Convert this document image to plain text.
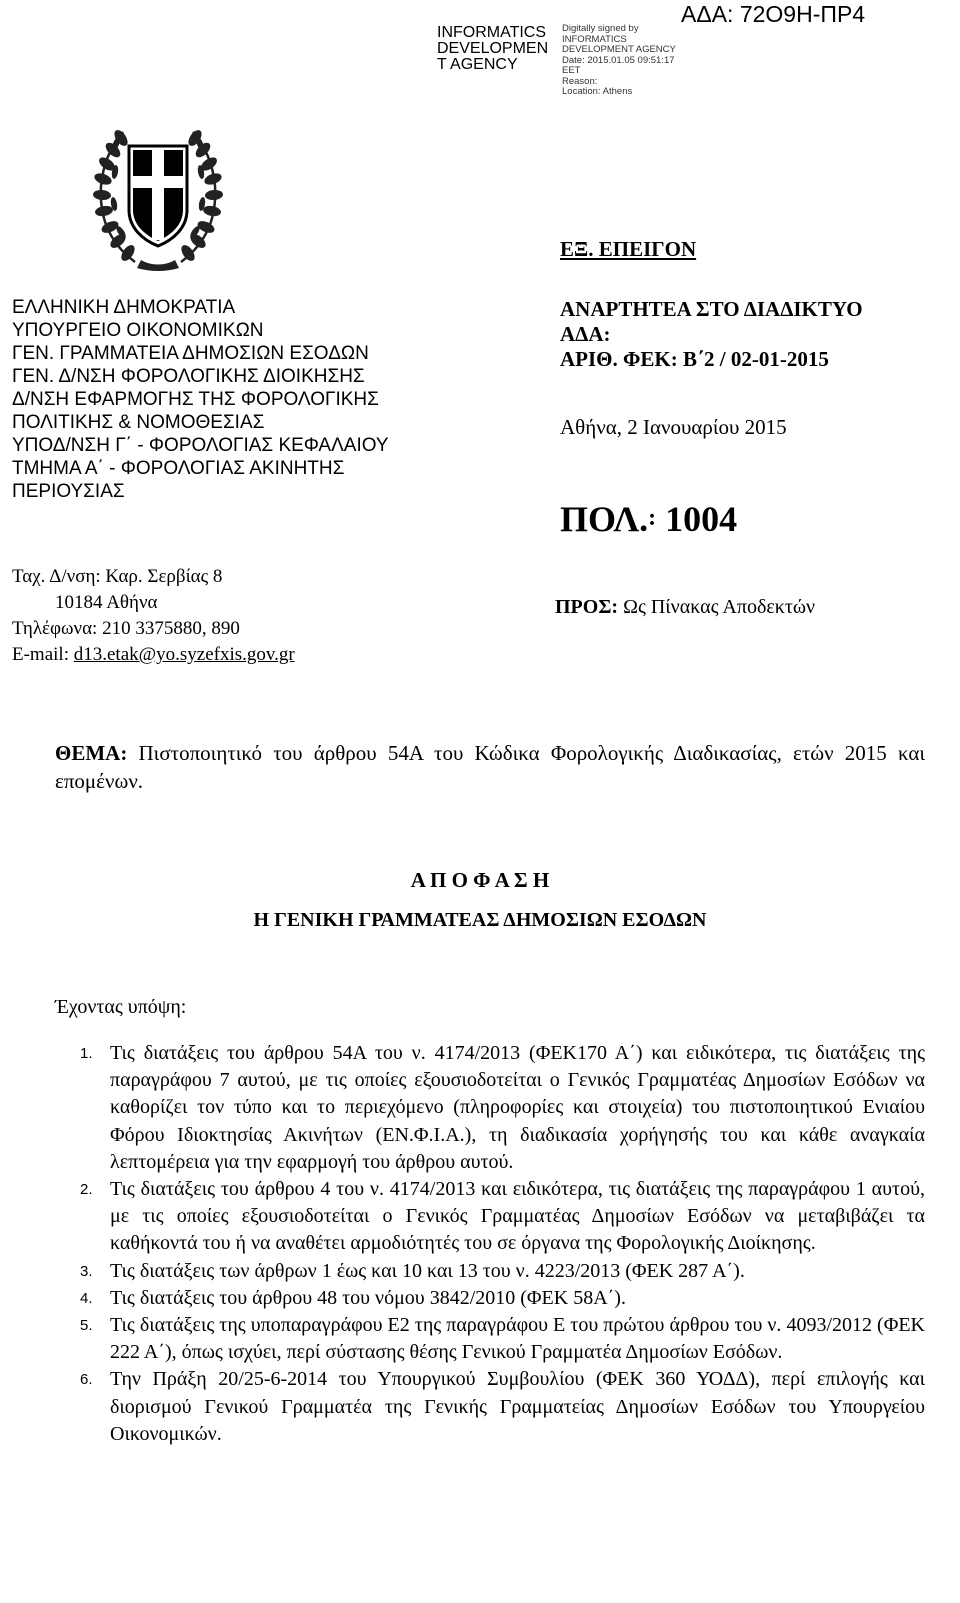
INFORMATICS
DEVELOPMEN
T AGENCY
Digitally signed by
INFORMATICS
DEVELOPMENT AGENCY
Date: 2015.01.05 09:51:17
EET
Reason:
Location: Athens
ΑΔΑ: 72Ο9Η-ΠΡ4
ΕΞ. ΕΠΕΙΓΟΝ
ΕΛΛΗΝΙΚΗ ΔΗΜΟΚΡΑΤΙΑ
ΥΠΟΥΡΓΕΙΟ ΟΙΚΟΝΟΜΙΚΩΝ
ΓΕΝ. ΓΡΑΜΜΑΤΕΙΑ ΔΗΜΟΣΙΩΝ ΕΣΟΔΩΝ
ΓΕΝ. Δ/ΝΣΗ ΦΟΡΟΛΟΓΙΚΗΣ ΔΙΟΙΚΗΣΗΣ
Δ/ΝΣΗ ΕΦΑΡΜΟΓΗΣ ΤΗΣ ΦΟΡΟΛΟΓΙΚΗΣ
ΠΟΛΙΤΙΚΗΣ & ΝΟΜΟΘΕΣΙΑΣ
ΥΠΟΔ/ΝΣΗ Γ΄ - ΦΟΡΟΛΟΓΙΑΣ ΚΕΦΑΛΑΙΟΥ
ΤΜΗΜΑ Α΄ - ΦΟΡΟΛΟΓΙΑΣ ΑΚΙΝΗΤΗΣ
ΠΕΡΙΟΥΣΙΑΣ
ΑΝΑΡΤΗΤΕΑ ΣΤΟ ΔΙΑΔΙΚΤΥΟ
ΑΔΑ:
ΑΡΙΘ. ΦΕΚ: Β΄2 / 02-01-2015
Αθήνα, 2 Ιανουαρίου 2015
ΠΟΛ.: 1004
Ταχ. Δ/νση: Καρ. Σερβίας 8
10184 Αθήνα
Τηλέφωνα: 210 3375880, 890
E-mail: d13.etak@yo.syzefxis.gov.gr
ΠΡΟΣ: Ως Πίνακας Αποδεκτών
ΘΕΜΑ: Πιστοποιητικό του άρθρου 54Α του Κώδικα Φορολογικής Διαδικασίας, ετών 2015 και επομένων.
Α Π Ο Φ Α Σ Η
Η ΓΕΝΙΚΗ ΓΡΑΜΜΑΤΕΑΣ ΔΗΜΟΣΙΩΝ ΕΣΟΔΩΝ
Έχοντας υπόψη:
1. Τις διατάξεις του άρθρου 54Α του ν. 4174/2013 (ΦΕΚ170 Α΄) και ειδικότερα, τις διατάξεις της παραγράφου 7 αυτού, με τις οποίες εξουσιοδοτείται ο Γενικός Γραμματέας Δημοσίων Εσόδων να καθορίζει τον τύπο και το περιεχόμενο (πληροφορίες και στοιχεία) του πιστοποιητικού Ενιαίου Φόρου Ιδιοκτησίας Ακινήτων (ΕΝ.Φ.Ι.Α.), τη διαδικασία χορήγησής του και κάθε αναγκαία λεπτομέρεια για την εφαρμογή του άρθρου αυτού.
2. Τις διατάξεις του άρθρου 4 του ν. 4174/2013 και ειδικότερα, τις διατάξεις της παραγράφου 1 αυτού, με τις οποίες εξουσιοδοτείται ο Γενικός Γραμματέας Δημοσίων Εσόδων να μεταβιβάζει τα καθήκοντά του ή να αναθέτει αρμοδιότητές του σε όργανα της Φορολογικής Διοίκησης.
3. Τις διατάξεις των άρθρων 1 έως και 10 και 13 του ν. 4223/2013 (ΦΕΚ 287 Α΄).
4. Τις διατάξεις του άρθρου 48 του νόμου 3842/2010 (ΦΕΚ 58Α΄).
5. Τις διατάξεις της υποπαραγράφου Ε2 της παραγράφου Ε του πρώτου άρθρου του ν. 4093/2012 (ΦΕΚ 222 Α΄), όπως ισχύει, περί σύστασης θέσης Γενικού Γραμματέα Δημοσίων Εσόδων.
6. Την Πράξη 20/25-6-2014 του Υπουργικού Συμβουλίου (ΦΕΚ 360 ΥΟΔΔ), περί επιλογής και διορισμού Γενικού Γραμματέα της Γενικής Γραμματείας Δημοσίων Εσόδων του Υπουργείου Οικονομικών.
